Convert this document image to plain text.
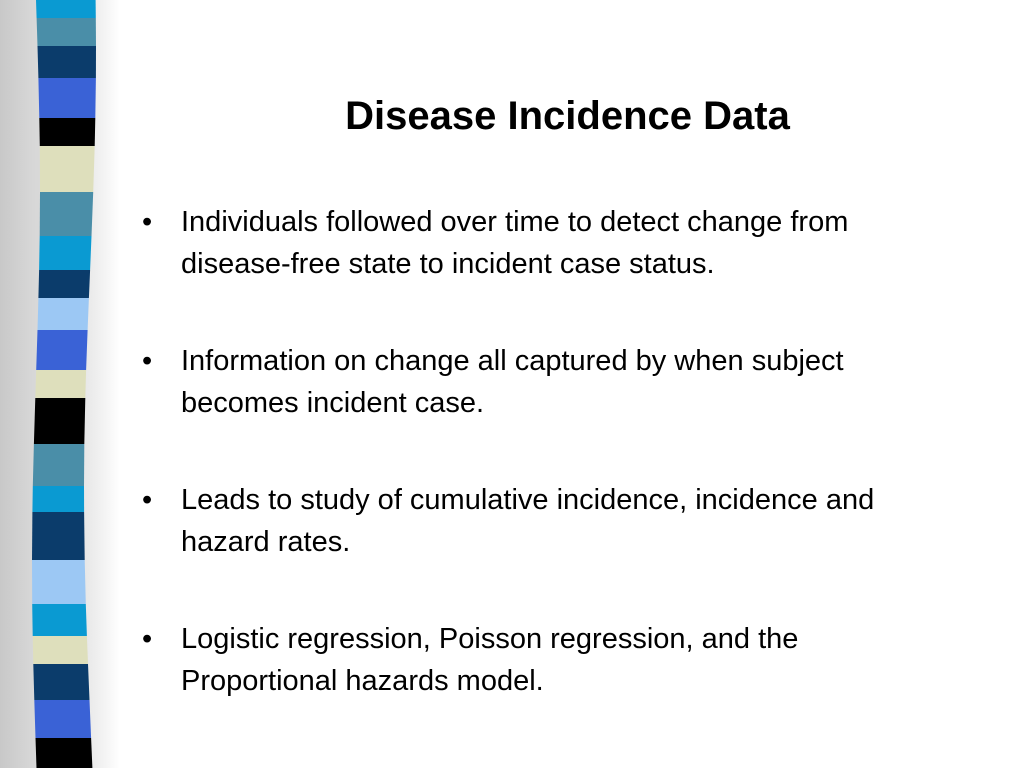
Disease Incidence Data
• Individuals followed over time to detect change from disease-free state to incident case status.
• Information on change all captured by when subject becomes incident case.
• Leads to study of cumulative incidence, incidence and hazard rates.
• Logistic regression, Poisson regression, and the Proportional hazards model.
